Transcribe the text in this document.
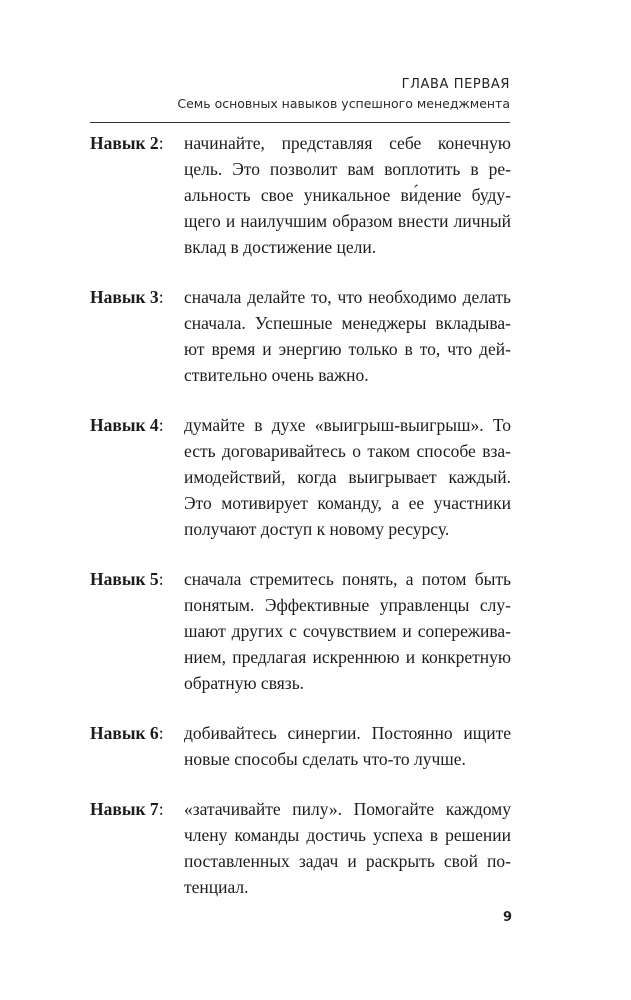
ГЛАВА ПЕРВАЯ
Семь основных навыков успешного менеджмента
Навык 2:	начинайте, представляя себе конечную цель. Это позволит вам воплотить в реальность свое уникальное ви́дение будущего и наилучшим образом внести личный вклад в достижение цели.
Навык 3:	сначала делайте то, что необходимо делать сначала. Успешные менеджеры вкладывают время и энергию только в то, что действительно очень важно.
Навык 4:	думайте в духе «выигрыш-выигрыш». То есть договаривайтесь о таком способе взаимодействий, когда выигрывает каждый. Это мотивирует команду, а ее участники получают доступ к новому ресурсу.
Навык 5:	сначала стремитесь понять, а потом быть понятым. Эффективные управленцы слушают других с сочувствием и сопереживанием, предлагая искреннюю и конкретную обратную связь.
Навык 6:	добивайтесь синергии. Постоянно ищите новые способы сделать что-то лучше.
Навык 7:	«затачивайте пилу». Помогайте каждому члену команды достичь успеха в решении поставленных задач и раскрыть свой потенциал.
9
